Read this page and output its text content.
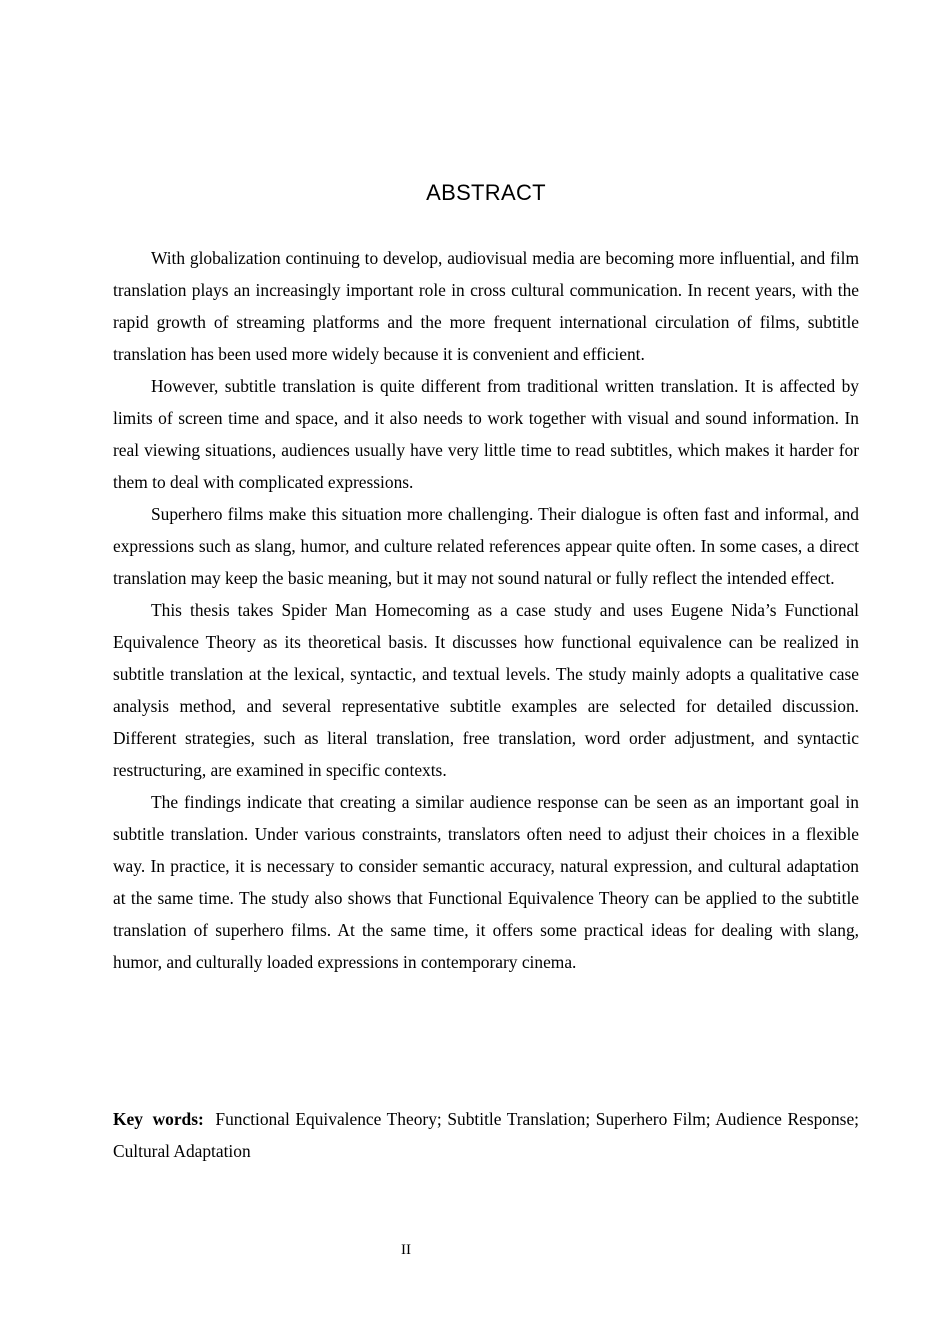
ABSTRACT

With globalization continuing to develop, audiovisual media are becoming more influential, and film translation plays an increasingly important role in cross cultural communication. In recent years, with the rapid growth of streaming platforms and the more frequent international circulation of films, subtitle translation has been used more widely because it is convenient and efficient.

However, subtitle translation is quite different from traditional written translation. It is affected by limits of screen time and space, and it also needs to work together with visual and sound information. In real viewing situations, audiences usually have very little time to read subtitles, which makes it harder for them to deal with complicated expressions.

Superhero films make this situation more challenging. Their dialogue is often fast and informal, and expressions such as slang, humor, and culture related references appear quite often. In some cases, a direct translation may keep the basic meaning, but it may not sound natural or fully reflect the intended effect.

This thesis takes Spider Man Homecoming as a case study and uses Eugene Nida’s Functional Equivalence Theory as its theoretical basis. It discusses how functional equivalence can be realized in subtitle translation at the lexical, syntactic, and textual levels. The study mainly adopts a qualitative case analysis method, and several representative subtitle examples are selected for detailed discussion. Different strategies, such as literal translation, free translation, word order adjustment, and syntactic restructuring, are examined in specific contexts.

The findings indicate that creating a similar audience response can be seen as an important goal in subtitle translation. Under various constraints, translators often need to adjust their choices in a flexible way. In practice, it is necessary to consider semantic accuracy, natural expression, and cultural adaptation at the same time. The study also shows that Functional Equivalence Theory can be applied to the subtitle translation of superhero films. At the same time, it offers some practical ideas for dealing with slang, humor, and culturally loaded expressions in contemporary cinema.

Key words: Functional Equivalence Theory; Subtitle Translation; Superhero Film; Audience Response; Cultural Adaptation
II
